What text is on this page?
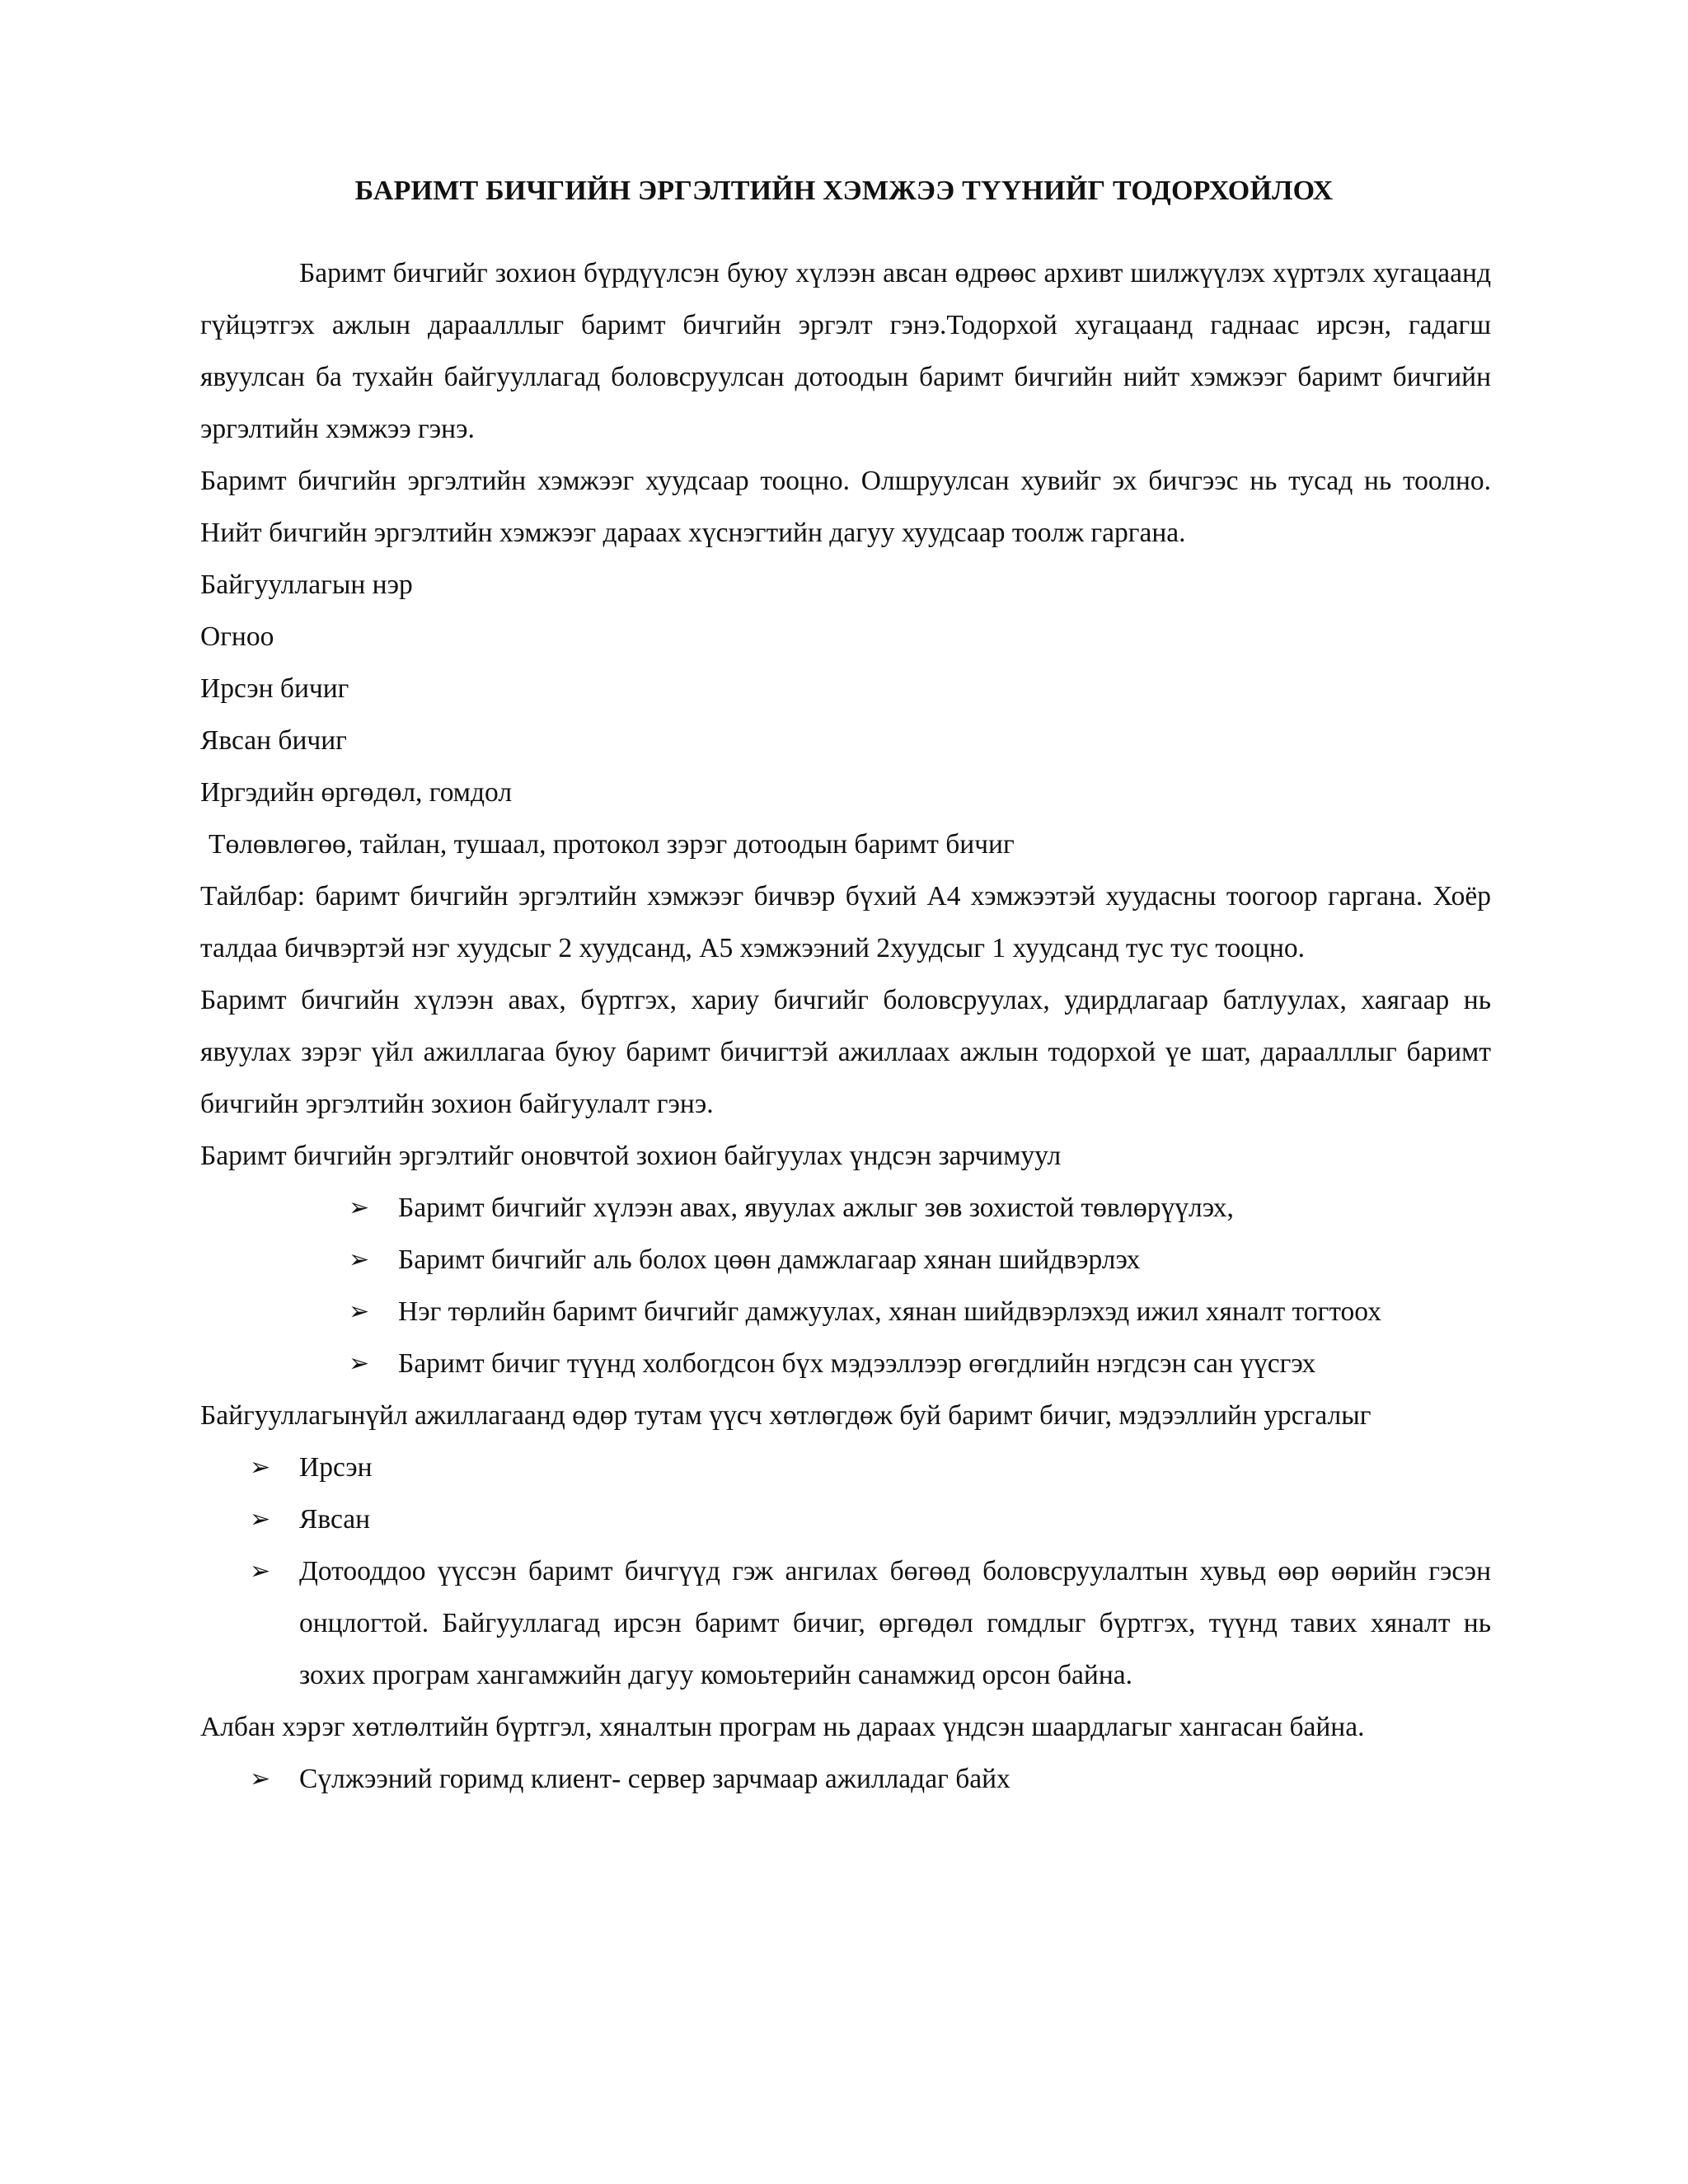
БАРИМТ БИЧГИЙН ЭРГЭЛТИЙН ХЭМЖЭЭ ТҮҮНИЙГ ТОДОРХОЙЛОХ

Баримт бичгийг зохион бүрдүүлсэн буюу хүлээн авсан өдрөөс архивт шилжүүлэх хүртэлх хугацаанд гүйцэтгэх ажлын дараалллыг баримт бичгийн эргэлт гэнэ.Тодорхой хугацаанд гаднаас ирсэн, гадагш явуулсан ба тухайн байгууллагад боловсруулсан дотоодын баримт бичгийн нийт хэмжээг баримт бичгийн эргэлтийн хэмжээ гэнэ.

Баримт бичгийн эргэлтийн хэмжээг хуудсаар тооцно. Олшруулсан хувийг эх бичгээс нь тусад нь тоолно. Нийт бичгийн эргэлтийн хэмжээг дараах хүснэгтийн дагуу хуудсаар тоолж гаргана.

Байгууллагын нэр
Огноо
Ирсэн бичиг
Явсан бичиг
Иргэдийн өргөдөл, гомдол
Төлөвлөгөө, тайлан, тушаал, протокол зэрэг дотоодын баримт бичиг

Тайлбар: баримт бичгийн эргэлтийн хэмжээг бичвэр бүхий А4 хэмжээтэй хуудасны тоогоор гаргана. Хоёр талдаа бичвэртэй нэг хуудсыг 2 хуудсанд, А5 хэмжээний 2хуудсыг 1 хуудсанд тус тус тооцно.

Баримт бичгийн хүлээн авах, бүртгэх, хариу бичгийг боловсруулах, удирдлагаар батлуулах, хаягаар нь явуулах зэрэг үйл ажиллагаа буюу баримт бичигтэй ажиллаах ажлын тодорхой үе шат, дараалллыг баримт бичгийн эргэлтийн зохион байгуулалт гэнэ.

Баримт бичгийн эргэлтийг оновчтой зохион байгуулах үндсэн зарчимуул
➢ Баримт бичгийг хүлээн авах, явуулах ажлыг зөв зохистой төвлөрүүлэх,
➢ Баримт бичгийг аль болох цөөн дамжлагаар хянан шийдвэрлэх
➢ Нэг төрлийн баримт бичгийг дамжуулах, хянан шийдвэрлэхэд ижил хяналт тогтоох
➢ Баримт бичиг түүнд холбогдсон бүх мэдээллээр өгөгдлийн нэгдсэн сан үүсгэх

Байгууллагынүйл ажиллагаанд өдөр тутам үүсч хөтлөгдөж буй баримт бичиг, мэдээллийн урсгалыг

➢ Ирсэн
➢ Явсан
➢ Дотооддоо үүссэн баримт бичгүүд гэж ангилах бөгөөд боловсруулалтын хувьд өөр өөрийн гэсэн онцлогтой. Байгууллагад ирсэн баримт бичиг, өргөдөл гомдлыг бүртгэх, түүнд тавих хяналт нь зохих програм хангамжийн дагуу комоьтерийн санамжид орсон байна.

Албан хэрэг хөтлөлтийн бүртгэл, хяналтын програм нь дараах үндсэн шаардлагыг хангасан байна.

➢ Сүлжээний горимд клиент- сервер зарчмаар ажилладаг байх
